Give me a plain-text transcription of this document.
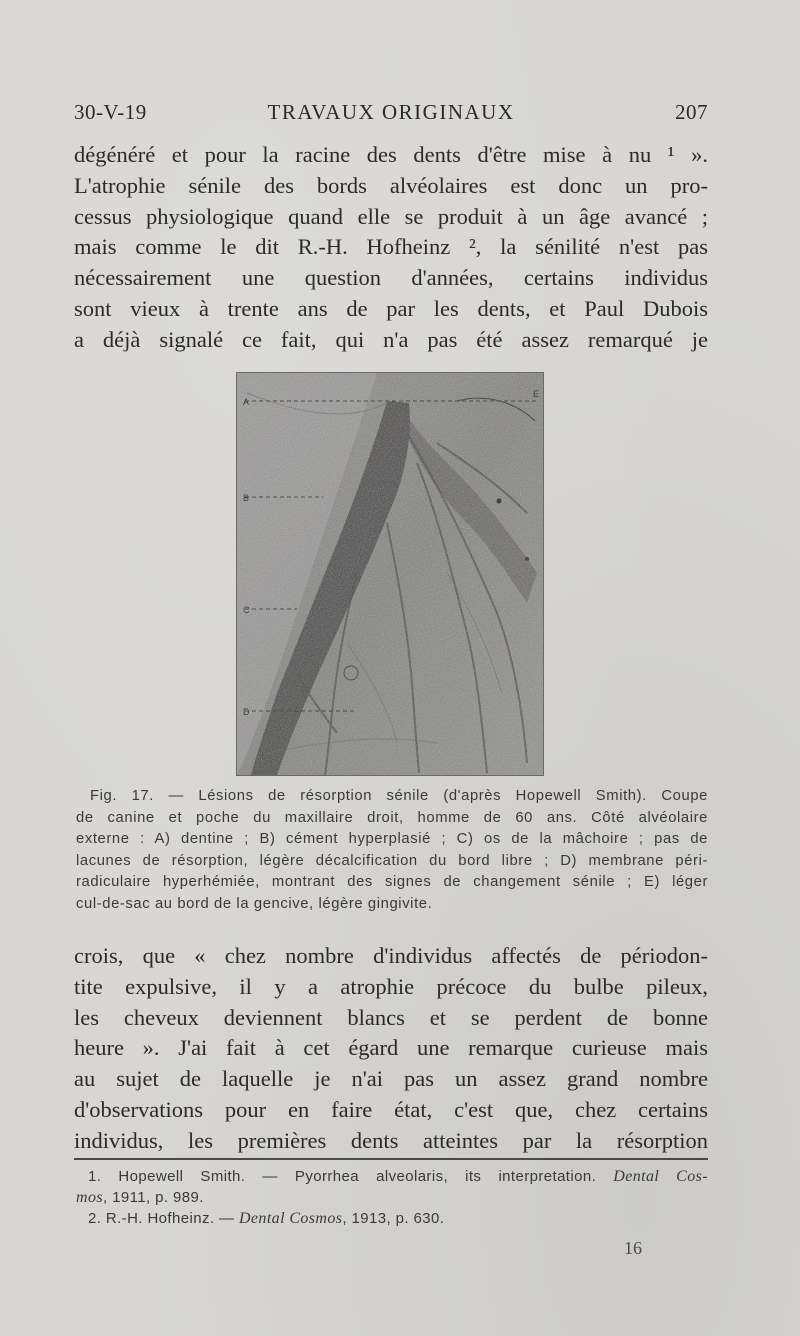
30-V-19	TRAVAUX ORIGINAUX	207
dégénéré et pour la racine des dents d'être mise à nu ¹ ».
L'atrophie sénile des bords alvéolaires est donc un pro-
cessus physiologique quand elle se produit à un âge avancé ;
mais comme le dit R.-H. Hofheinz ², la sénilité n'est pas
nécessairement une question d'années, certains individus
sont vieux à trente ans de par les dents, et Paul Dubois
a déjà signalé ce fait, qui n'a pas été assez remarqué je
Fig. 17. — Lésions de résorption sénile (d'après Hopewell Smith). Coupe
de canine et poche du maxillaire droit, homme de 60 ans. Côté alvéolaire
externe : A) dentine ; B) cément hyperplasié ; C) os de la mâchoire ; pas de
lacunes de résorption, légère décalcification du bord libre ; D) membrane péri-
radiculaire hyperhémiée, montrant des signes de changement sénile ; E) léger
cul-de-sac au bord de la gencive, légère gingivite.
crois, que « chez nombre d'individus affectés de périodon-
tite expulsive, il y a atrophie précoce du bulbe pileux,
les cheveux deviennent blancs et se perdent de bonne
heure ». J'ai fait à cet égard une remarque curieuse mais
au sujet de laquelle je n'ai pas un assez grand nombre
d'observations pour en faire état, c'est que, chez certains
individus, les premières dents atteintes par la résorption
1. Hopewell Smith. — Pyorrhea alveolaris, its interpretation. Dental Cos-
mos, 1911, p. 989.
2. R.-H. Hofheinz. — Dental Cosmos, 1913, p. 630.
16
